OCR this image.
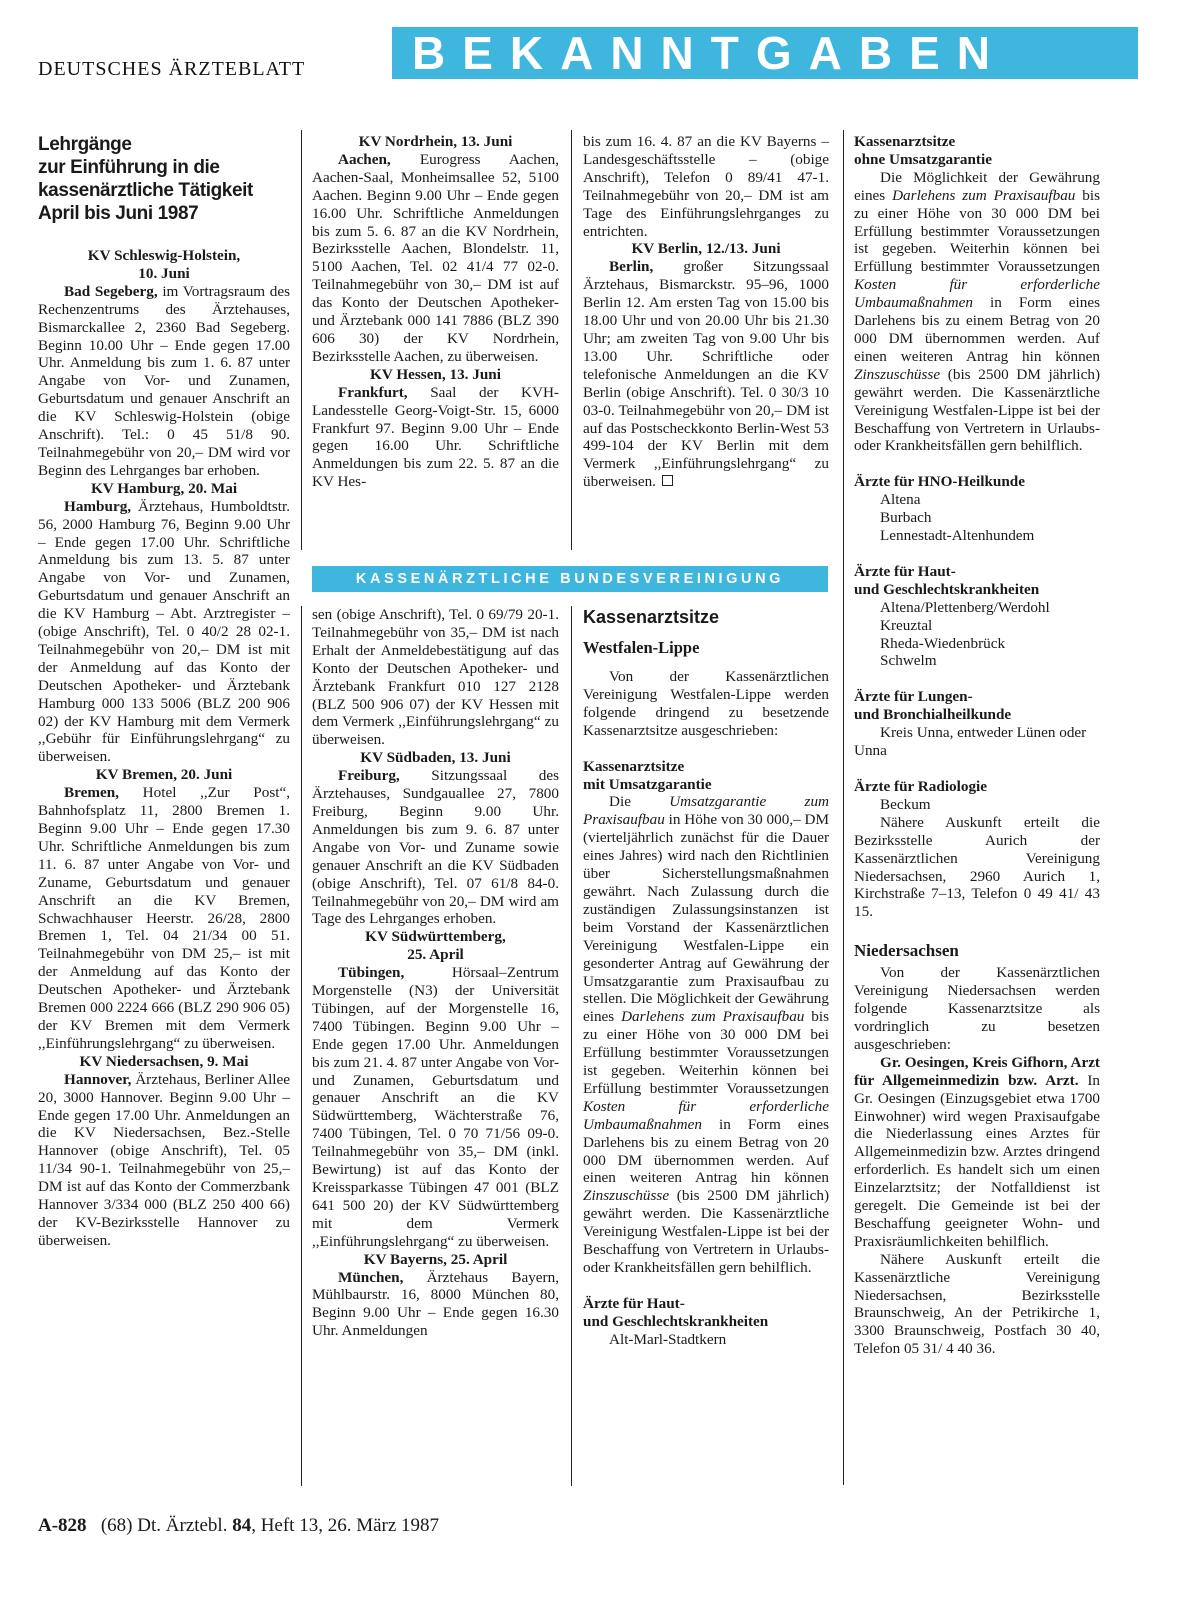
DEUTSCHES ÄRZTEBLATT	BEKANNTGABEN
KASSENÄRZTLICHE BUNDESVEREINIGUNG
Lehrgänge
zur Einführung in die
kassenärztliche Tätigkeit
April bis Juni 1987
KV Schleswig-Holstein,
10. Juni

Bad Segeberg, im Vortragsraum des Rechenzentrums des Ärztehauses, Bismarckallee 2, 2360 Bad Segeberg. Beginn 10.00 Uhr – Ende gegen 17.00 Uhr. Anmeldung bis zum 1. 6. 87 unter Angabe von Vor- und Zunamen, Geburtsdatum und genauer Anschrift an die KV Schleswig-Holstein (obige Anschrift). Tel.: 0 45 51/8 90. Teilnahmegebühr von 20,– DM wird vor Beginn des Lehrganges bar erhoben.

KV Hamburg, 20. Mai

Hamburg, Ärztehaus, Humboldtstr. 56, 2000 Hamburg 76, Beginn 9.00 Uhr – Ende gegen 17.00 Uhr. Schriftliche Anmeldung bis zum 13. 5. 87 unter Angabe von Vor- und Zunamen, Geburtsdatum und genauer Anschrift an die KV Hamburg – Abt. Arztregister – (obige Anschrift), Tel. 0 40/2 28 02-1. Teilnahmegebühr von 20,– DM ist mit der Anmeldung auf das Konto der Deutschen Apotheker- und Ärztebank Hamburg 000 133 5006 (BLZ 200 906 02) der KV Hamburg mit dem Vermerk ,,Gebühr für Einführungslehrgang“ zu überweisen.

KV Bremen, 20. Juni

Bremen, Hotel ,,Zur Post“, Bahnhofsplatz 11, 2800 Bremen 1. Beginn 9.00 Uhr – Ende gegen 17.30 Uhr. Schriftliche Anmeldungen bis zum 11. 6. 87 unter Angabe von Vor- und Zuname, Geburtsdatum und genauer Anschrift an die KV Bremen, Schwachhauser Heerstr. 26/28, 2800 Bremen 1, Tel. 04 21/34 00 51. Teilnahmegebühr von DM 25,– ist mit der Anmeldung auf das Konto der Deutschen Apotheker- und Ärztebank Bremen 000 2224 666 (BLZ 290 906 05) der KV Bremen mit dem Vermerk ,,Einführungslehrgang“ zu überweisen.

KV Niedersachsen, 9. Mai

Hannover, Ärztehaus, Berliner Allee 20, 3000 Hannover. Beginn 9.00 Uhr – Ende gegen 17.00 Uhr. Anmeldungen an die KV Niedersachsen, Bez.-Stelle Hannover (obige Anschrift), Tel. 05 11/34 90-1. Teilnahmegebühr von 25,– DM ist auf das Konto der Commerzbank Hannover 3/334 000 (BLZ 250 400 66) der KV-Bezirksstelle Hannover zu überweisen.

KV Nordrhein, 13. Juni

Aachen, Eurogress Aachen, Aachen-Saal, Monheimsallee 52, 5100 Aachen. Beginn 9.00 Uhr – Ende gegen 16.00 Uhr. Schriftliche Anmeldungen bis zum 5. 6. 87 an die KV Nordrhein, Bezirksstelle Aachen, Blondelstr. 11, 5100 Aachen, Tel. 02 41/4 77 02-0. Teilnahmegebühr von 30,– DM ist auf das Konto der Deutschen Apotheker- und Ärztebank 000 141 7886 (BLZ 390 606 30) der KV Nordrhein, Bezirksstelle Aachen, zu überweisen.

KV Hessen, 13. Juni

Frankfurt, Saal der KVH-Landesstelle Georg-Voigt-Str. 15, 6000 Frankfurt 97. Beginn 9.00 Uhr – Ende gegen 16.00 Uhr. Schriftliche Anmeldungen bis zum 22. 5. 87 an die KV Hes-

sen (obige Anschrift), Tel. 0 69/79 20-1. Teilnahmegebühr von 35,– DM ist nach Erhalt der Anmeldebestätigung auf das Konto der Deutschen Apotheker- und Ärztebank Frankfurt 010 127 2128 (BLZ 500 906 07) der KV Hessen mit dem Vermerk ,,Einführungslehrgang“ zu überweisen.

KV Südbaden, 13. Juni

Freiburg, Sitzungssaal des Ärztehauses, Sundgauallee 27, 7800 Freiburg, Beginn 9.00 Uhr. Anmeldungen bis zum 9. 6. 87 unter Angabe von Vor- und Zuname sowie genauer Anschrift an die KV Südbaden (obige Anschrift), Tel. 07 61/8 84-0. Teilnahmegebühr von 20,– DM wird am Tage des Lehrganges erhoben.

KV Südwürttemberg,
25. April

Tübingen,	Hörsaal–Zentrum Morgenstelle (N3) der Universität Tübingen, auf der Morgenstelle 16, 7400 Tübingen. Beginn 9.00 Uhr – Ende gegen 17.00 Uhr. Anmeldungen bis zum 21. 4. 87 unter Angabe von Vor- und Zunamen, Geburtsdatum und genauer Anschrift an die KV Südwürttemberg, Wächterstraße 76, 7400 Tübingen, Tel. 0 70 71/56 09-0. Teilnahmegebühr von 35,– DM (inkl. Bewirtung) ist auf das Konto der Kreissparkasse Tübingen 47 001 (BLZ 641 500 20) der KV Südwürttemberg mit dem Vermerk ,,Einführungslehrgang“ zu überweisen.

KV Bayerns, 25. April

München, Ärztehaus Bayern, Mühlbaurstr. 16, 8000 München 80, Beginn 9.00 Uhr – Ende gegen 16.30 Uhr. Anmeldungen

bis zum 16. 4. 87 an die KV Bayerns – Landesgeschäftsstelle – (obige Anschrift), Telefon 0 89/41 47-1. Teilnahmegebühr von 20,– DM ist am Tage des Einführungslehrganges zu entrichten.

KV Berlin, 12./13. Juni

Berlin, großer Sitzungssaal Ärztehaus, Bismarckstr. 95–96, 1000 Berlin 12. Am ersten Tag von 15.00 bis 18.00 Uhr und von 20.00 Uhr bis 21.30 Uhr; am zweiten Tag von 9.00 Uhr bis 13.00 Uhr. Schriftliche oder telefonische Anmeldungen an die KV Berlin (obige Anschrift). Tel. 0 30/3 10 03-0. Teilnahmegebühr von 20,– DM ist auf das Postscheckkonto Berlin-West 53 499-104 der KV Berlin mit dem Vermerk ,,Einführungslehrgang“ zu überweisen.

Kassenarztsitze
Westfalen-Lippe

Von der Kassenärztlichen Vereinigung Westfalen-Lippe werden folgende dringend zu besetzende Kassenarztsitze ausgeschrieben:

Kassenarztsitze
mit Umsatzgarantie

Die	Umsatzgarantie zum Praxisaufbau in Höhe von 30 000,– DM (vierteljährlich zunächst für die Dauer eines Jahres) wird nach den Richtlinien über Sicherstellungsmaßnahmen gewährt. Nach Zulassung durch die zuständigen Zulassungsinstanzen ist beim Vorstand der Kassenärztlichen Vereinigung Westfalen-Lippe ein gesonderter Antrag auf Gewährung der Umsatzgarantie zum Praxisaufbau zu stellen. Die Möglichkeit der Gewährung eines Darlehens zum Praxisaufbau bis zu einer Höhe von 30 000 DM bei Erfüllung bestimmter Voraussetzungen ist gegeben. Weiterhin können bei Erfüllung bestimmter Voraussetzungen Kosten für erforderliche Umbaumaßnahmen in Form eines Darlehens bis zu einem Betrag von 20 000 DM übernommen werden. Auf einen weiteren Antrag hin können Zinszuschüsse (bis 2500 DM jährlich) gewährt werden. Die Kassenärztliche Vereinigung Westfalen-Lippe ist bei der Beschaffung von Vertretern in Urlaubs- oder Krankheitsfällen gern behilflich.

Ärzte für Haut-
und Geschlechtskrankheiten
Alt-Marl-Stadtkern
Kassenarztsitze
ohne Umsatzgarantie

Die Möglichkeit der Gewährung eines Darlehens zum Praxisaufbau bis zu einer Höhe von 30 000 DM bei Erfüllung bestimmter Voraussetzungen ist gegeben. Weiterhin können bei Erfüllung bestimmter Voraussetzungen Kosten für erforderliche Umbaumaßnahmen in Form eines Darlehens bis zu einem Betrag von 20 000 DM übernommen werden. Auf einen weiteren Antrag hin können Zinszuschüsse (bis 2500 DM jährlich) gewährt werden. Die Kassenärztliche Vereinigung Westfalen-Lippe ist bei der Beschaffung von Vertretern in Urlaubs- oder Krankheitsfällen gern behilflich.

Ärzte für HNO-Heilkunde
Altena
Burbach
Lennestadt-Altenhundem
Ärzte für Haut-
und Geschlechtskrankheiten
Altena/Plettenberg/Werdohl
Kreuztal
Rheda-Wiedenbrück
Schwelm
Ärzte für Lungen-
und Bronchialheilkunde

Kreis Unna, entweder Lünen oder Unna

Ärzte für Radiologie
Beckum

Nähere Auskunft erteilt die Bezirksstelle Aurich der Kassenärztlichen Vereinigung Niedersachsen, 2960 Aurich 1, Kirchstraße 7–13, Telefon 0 49 41/ 43 15.

Niedersachsen

Von der Kassenärztlichen Vereinigung Niedersachsen werden folgende Kassenarztsitze als vordringlich zu besetzen ausgeschrieben:

Gr. Oesingen, Kreis Gifhorn, Arzt für Allgemeinmedizin bzw. Arzt. In Gr. Oesingen (Einzugsgebiet etwa 1700 Einwohner) wird wegen Praxisaufgabe die Niederlassung eines Arztes für Allgemeinmedizin bzw. Arztes dringend erforderlich. Es handelt sich um einen Einzelarztsitz; der Notfalldienst ist geregelt. Die Gemeinde ist bei der Beschaffung geeigneter Wohn- und Praxisräumlichkeiten behilflich.

Nähere Auskunft erteilt die Kassenärztliche Vereinigung Niedersachsen, Bezirksstelle Braunschweig, An der Petrikirche 1, 3300 Braunschweig, Postfach 30 40, Telefon 05 31/ 4 40 36.

A-828 (68) Dt. Ärztebl. 84, Heft 13, 26. März 1987
